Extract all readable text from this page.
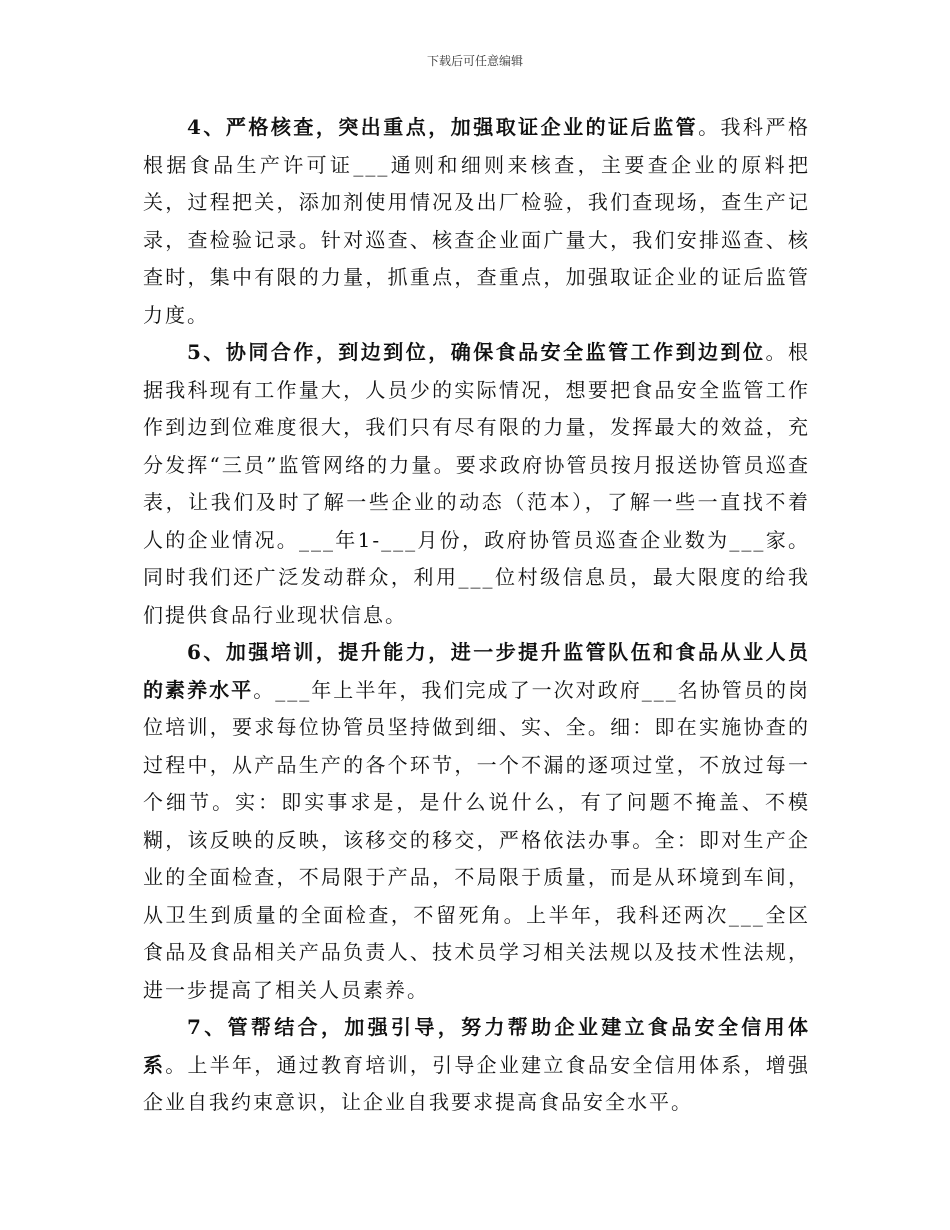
下载后可任意编辑

4、严格核查，突出重点，加强取证企业的证后监管。我科严格根据食品生产许可证___通则和细则来核查，主要查企业的原料把关，过程把关，添加剂使用情况及出厂检验，我们查现场，查生产记录，查检验记录。针对巡查、核查企业面广量大，我们安排巡查、核查时，集中有限的力量，抓重点，查重点，加强取证企业的证后监管力度。

5、协同合作，到边到位，确保食品安全监管工作到边到位。根据我科现有工作量大，人员少的实际情况，想要把食品安全监管工作作到边到位难度很大，我们只有尽有限的力量，发挥最大的效益，充分发挥“三员”监管网络的力量。要求政府协管员按月报送协管员巡查表，让我们及时了解一些企业的动态（范本），了解一些一直找不着人的企业情况。___年1-___月份，政府协管员巡查企业数为___家。同时我们还广泛发动群众，利用___位村级信息员，最大限度的给我们提供食品行业现状信息。

6、加强培训，提升能力，进一步提升监管队伍和食品从业人员的素养水平。___年上半年，我们完成了一次对政府___名协管员的岗位培训，要求每位协管员坚持做到细、实、全。细：即在实施协查的过程中，从产品生产的各个环节，一个不漏的逐项过堂，不放过每一个细节。实：即实事求是，是什么说什么，有了问题不掩盖、不模糊，该反映的反映，该移交的移交，严格依法办事。全：即对生产企业的全面检查，不局限于产品，不局限于质量，而是从环境到车间，从卫生到质量的全面检查，不留死角。上半年，我科还两次___全区食品及食品相关产品负责人、技术员学习相关法规以及技术性法规，进一步提高了相关人员素养。

7、管帮结合，加强引导，努力帮助企业建立食品安全信用体系。上半年，通过教育培训，引导企业建立食品安全信用体系，增强企业自我约束意识，让企业自我要求提高食品安全水平。
